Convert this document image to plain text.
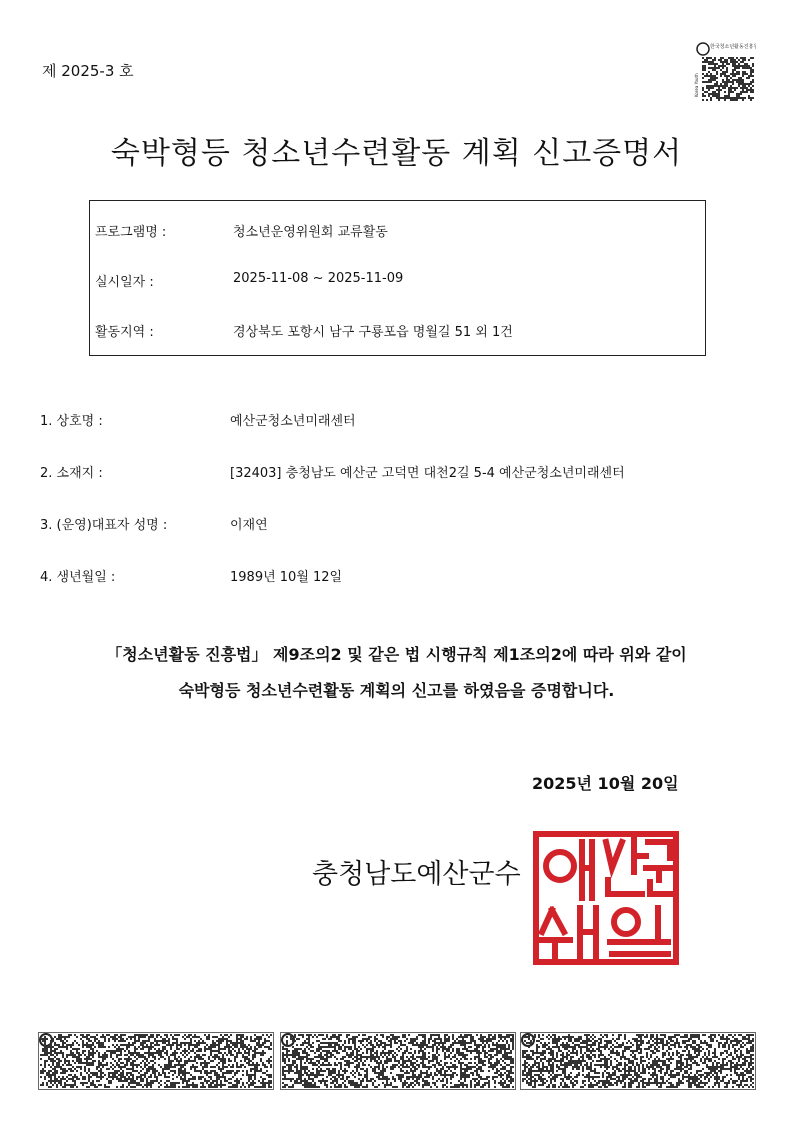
제 2025-3 호
한국청소년활동진흥원
Korea Youth
숙박형등 청소년수련활동 계획 신고증명서
프로그램명 :	청소년운영위원회 교류활동
실시일자 :	2025-11-08 ~ 2025-11-09
활동지역 :	경상북도 포항시 남구 구룡포읍 명월길 51 외 1건
1. 상호명 :	예산군청소년미래센터
2. 소재지 :	[32403] 충청남도 예산군 고덕면 대천2길 5-4 예산군청소년미래센터
3. (운영)대표자 성명 :	이재연
4. 생년월일 :	1989년 10월 12일
「청소년활동 진흥법」 제9조의2 및 같은 법 시행규칙 제1조의2에 따라 위와 같이
숙박형등 청소년수련활동 계획의 신고를 하였음을 증명합니다.
2025년 10월 20일
충청남도예산군수
